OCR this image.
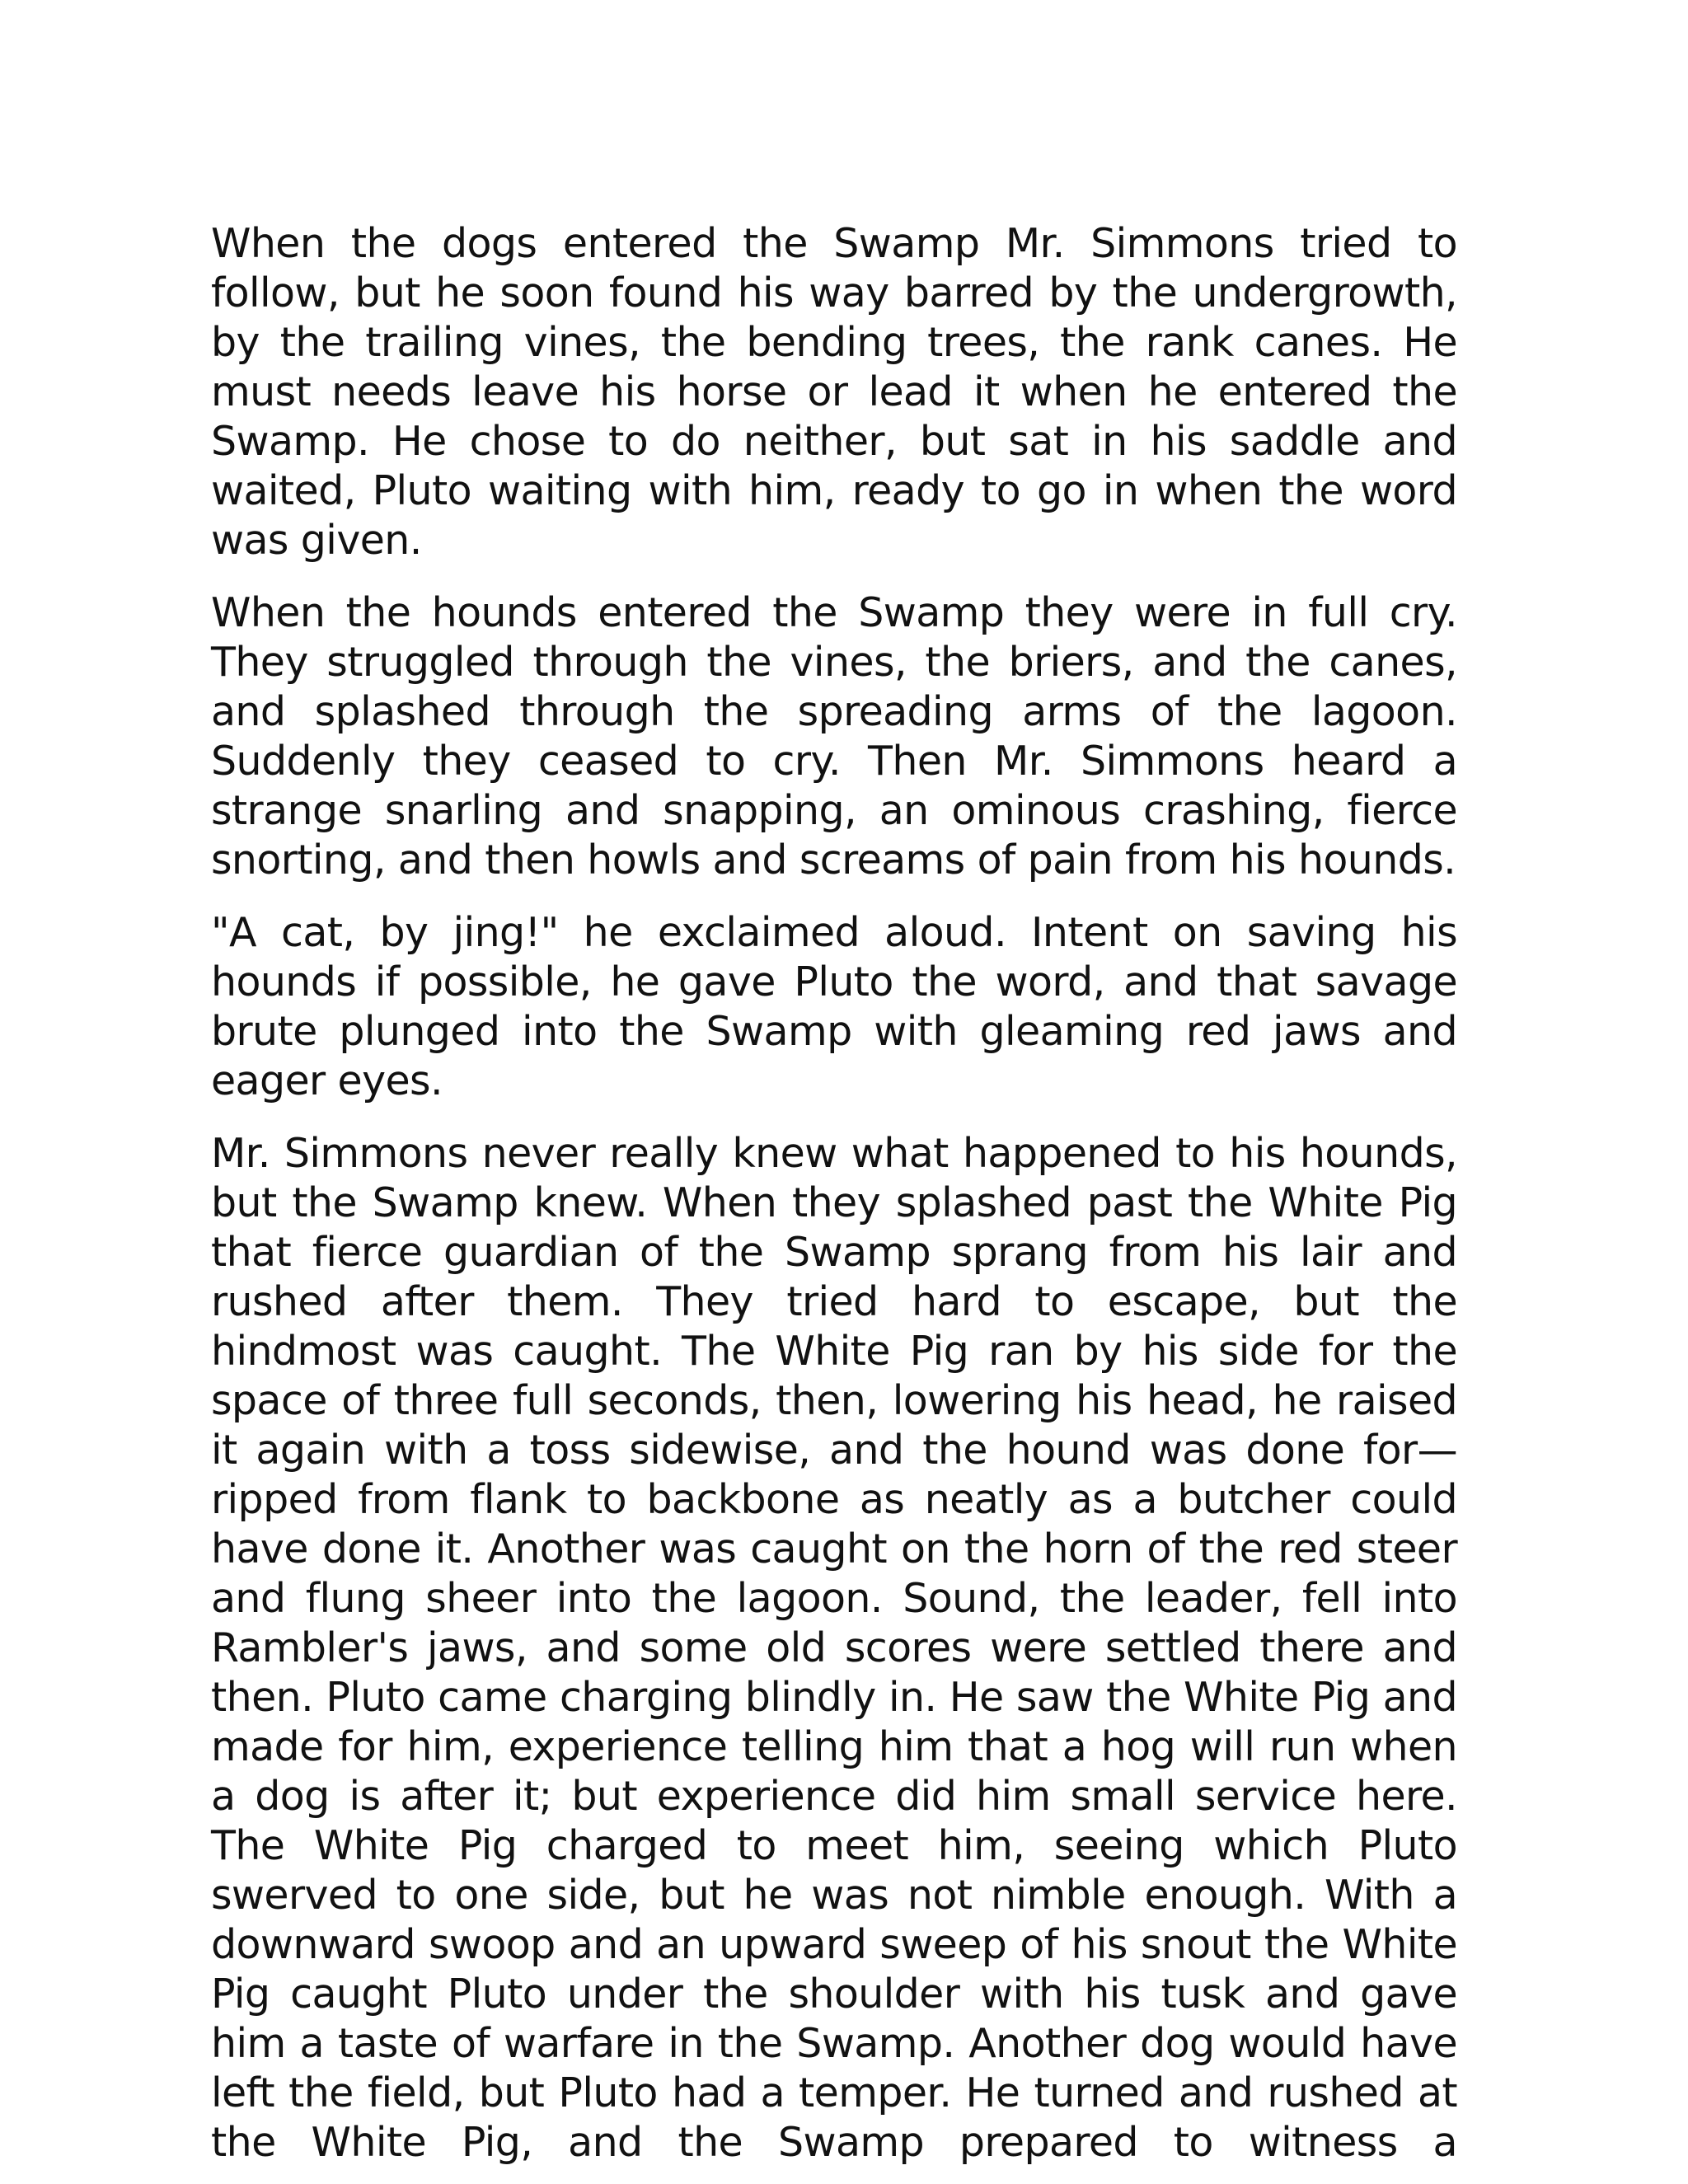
When the dogs entered the Swamp Mr. Simmons tried to follow, but he soon found his way barred by the undergrowth, by the trailing vines, the bending trees, the rank canes. He must needs leave his horse or lead it when he entered the Swamp. He chose to do neither, but sat in his saddle and waited, Pluto waiting with him, ready to go in when the word was given.

When the hounds entered the Swamp they were in full cry. They struggled through the vines, the briers, and the canes, and splashed through the spreading arms of the lagoon. Suddenly they ceased to cry. Then Mr. Simmons heard a strange snarling and snapping, an ominous crashing, fierce snorting, and then howls and screams of pain from his hounds.

"A cat, by jing!" he exclaimed aloud. Intent on saving his hounds if possible, he gave Pluto the word, and that savage brute plunged into the Swamp with gleaming red jaws and eager eyes.

Mr. Simmons never really knew what happened to his hounds, but the Swamp knew. When they splashed past the White Pig that fierce guardian of the Swamp sprang from his lair and rushed after them. They tried hard to escape, but the hindmost was caught. The White Pig ran by his side for the space of three full seconds, then, lowering his head, he raised it again with a toss sidewise, and the hound was done for—ripped from flank to backbone as neatly as a butcher could have done it. Another was caught on the horn of the red steer and flung sheer into the lagoon. Sound, the leader, fell into Rambler's jaws, and some old scores were settled there and then. Pluto came charging blindly in. He saw the White Pig and made for him, experience telling him that a hog will run when a dog is after it; but experience did him small service here. The White Pig charged to meet him, seeing which Pluto swerved to one side, but he was not nimble enough. With a downward swoop and an upward sweep of his snout the White Pig caught Pluto under the shoulder with his tusk and gave him a taste of warfare in the Swamp. Another dog would have left the field, but Pluto had a temper. He turned and rushed at the White Pig, and the Swamp prepared to witness a
